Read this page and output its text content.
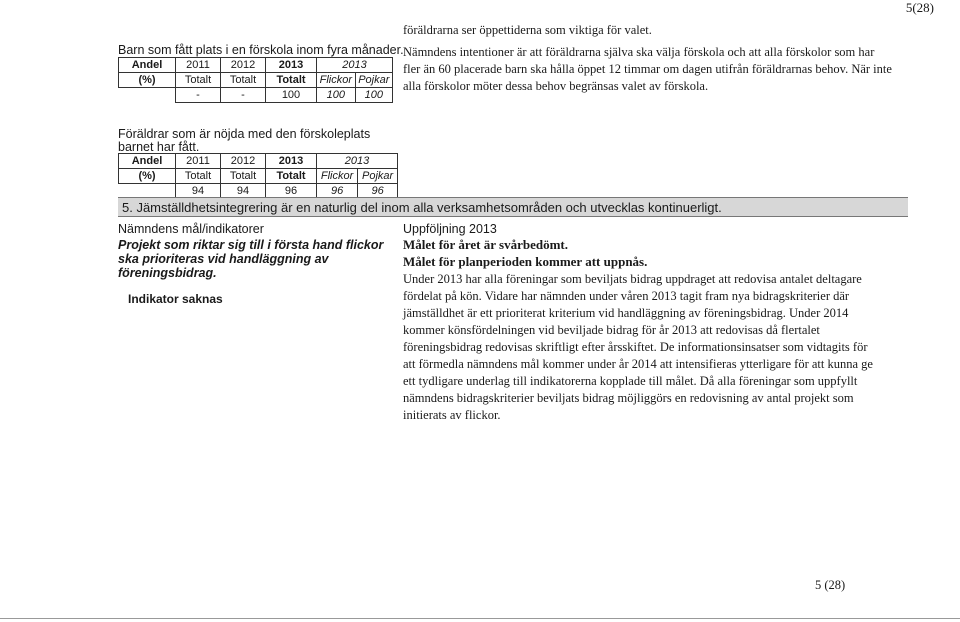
5(28)
föräldrarna ser öppettiderna som viktiga för valet.
Barn som fått plats i en förskola inom fyra månader.
Andel	2011	2012	2013	2013	
(%)	Totalt	Totalt	Totalt	Flickor	Pojkar
	-	-	100	100	100
Nämndens intentioner är att föräldrarna själva ska välja förskola och att alla förskolor som har fler än 60 placerade barn ska hålla öppet 12 timmar om dagen utifrån föräldrarnas behov. När inte alla förskolor möter dessa behov begränsas valet av förskola.
Föräldrar som är nöjda med den förskoleplats
barnet har fått.
Andel	2011	2012	2013	2013	
(%)	Totalt	Totalt	Totalt	Flickor	Pojkar
	94	94	96	96	96
5. Jämställdhetsintegrering är en naturlig del inom alla verksamhetsområden och utvecklas kontinuerligt.
Nämndens mål/indikatorer
Projekt som riktar sig till i första hand flickor ska prioriteras vid handläggning av föreningsbidrag.
Indikator saknas
Uppföljning 2013
Målet för året är svårbedömt.
Målet för planperioden kommer att uppnås.
Under 2013 har alla föreningar som beviljats bidrag uppdraget att redovisa antalet deltagare fördelat på kön. Vidare har nämnden under våren 2013 tagit fram nya bidragskriterier där jämställdhet är ett prioriterat kriterium vid handläggning av föreningsbidrag. Under 2014 kommer könsfördelningen vid beviljade bidrag för år 2013 att redovisas då flertalet föreningsbidrag redovisas skriftligt efter årsskiftet. De informationsinsatser som vidtagits för att förmedla nämndens mål kommer under år 2014 att intensifieras ytterligare för att kunna ge ett tydligare underlag till indikatorerna kopplade till målet. Då alla föreningar som uppfyllt nämndens bidragskriterier beviljats bidrag möjliggörs en redovisning av antal projekt som initierats av flickor.
5 (28)
